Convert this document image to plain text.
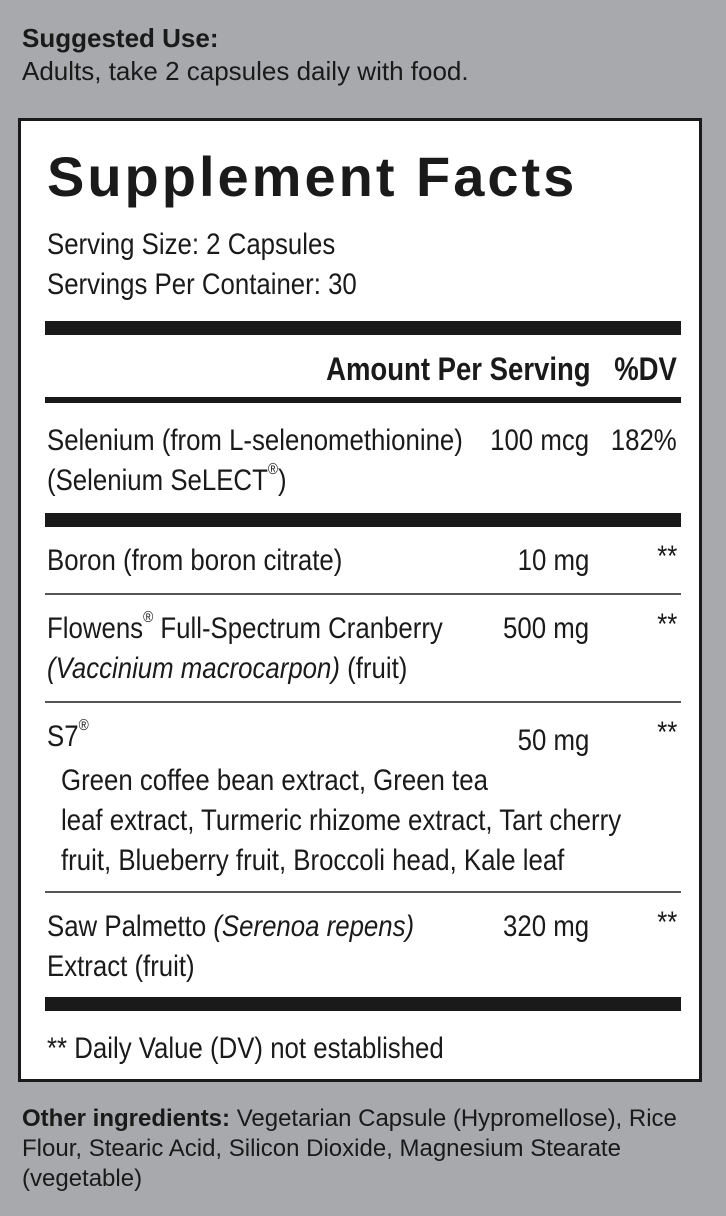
Suggested Use:
Adults, take 2 capsules daily with food.
Supplement Facts
Serving Size: 2 Capsules
Servings Per Container: 30
Amount Per Serving %DV
Selenium (from L-selenomethionine)
(Selenium SeLECT®)
100 mcg 182%
Boron (from boron citrate)	10 mg **
Flowens® Full-Spectrum Cranberry
(Vaccinium macrocarpon) (fruit)
500 mg **
S7®	50 mg **
Green coffee bean extract, Green tea
leaf extract, Turmeric rhizome extract, Tart cherry
fruit, Blueberry fruit, Broccoli head, Kale leaf
Saw Palmetto (Serenoa repens)
Extract (fruit)
320 mg **
** Daily Value (DV) not established
Other ingredients: Vegetarian Capsule (Hypromellose), Rice Flour, Stearic Acid, Silicon Dioxide, Magnesium Stearate (vegetable)
